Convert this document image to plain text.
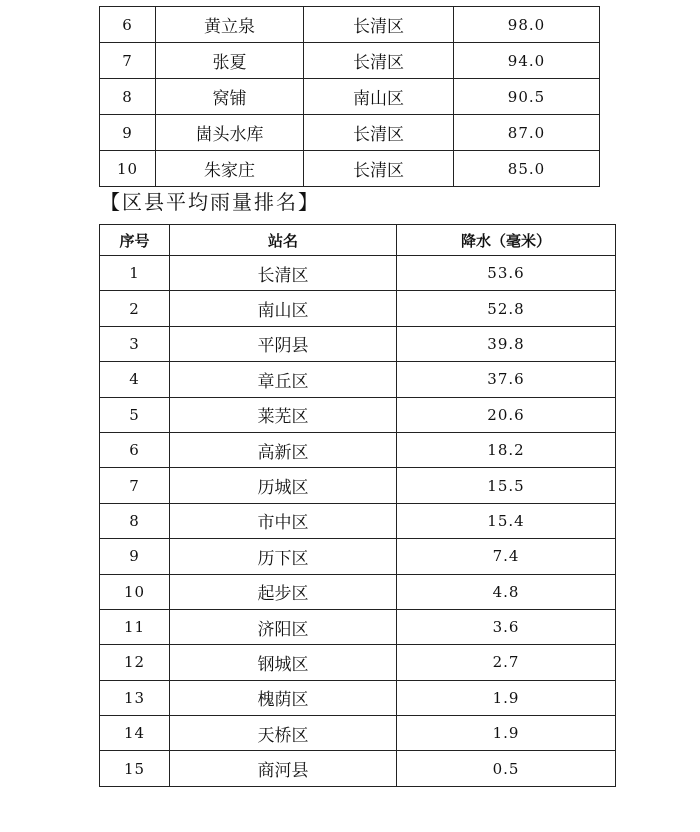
6	黄立泉	长清区	98.0
7	张夏	长清区	94.0
8	窝铺	南山区	90.5
9	崮头水库	长清区	87.0
10	朱家庄	长清区	85.0
【区县平均雨量排名】
序号	站名	降水（毫米）
1	长清区	53.6
2	南山区	52.8
3	平阴县	39.8
4	章丘区	37.6
5	莱芜区	20.6
6	高新区	18.2
7	历城区	15.5
8	市中区	15.4
9	历下区	7.4
10	起步区	4.8
11	济阳区	3.6
12	钢城区	2.7
13	槐荫区	1.9
14	天桥区	1.9
15	商河县	0.5
